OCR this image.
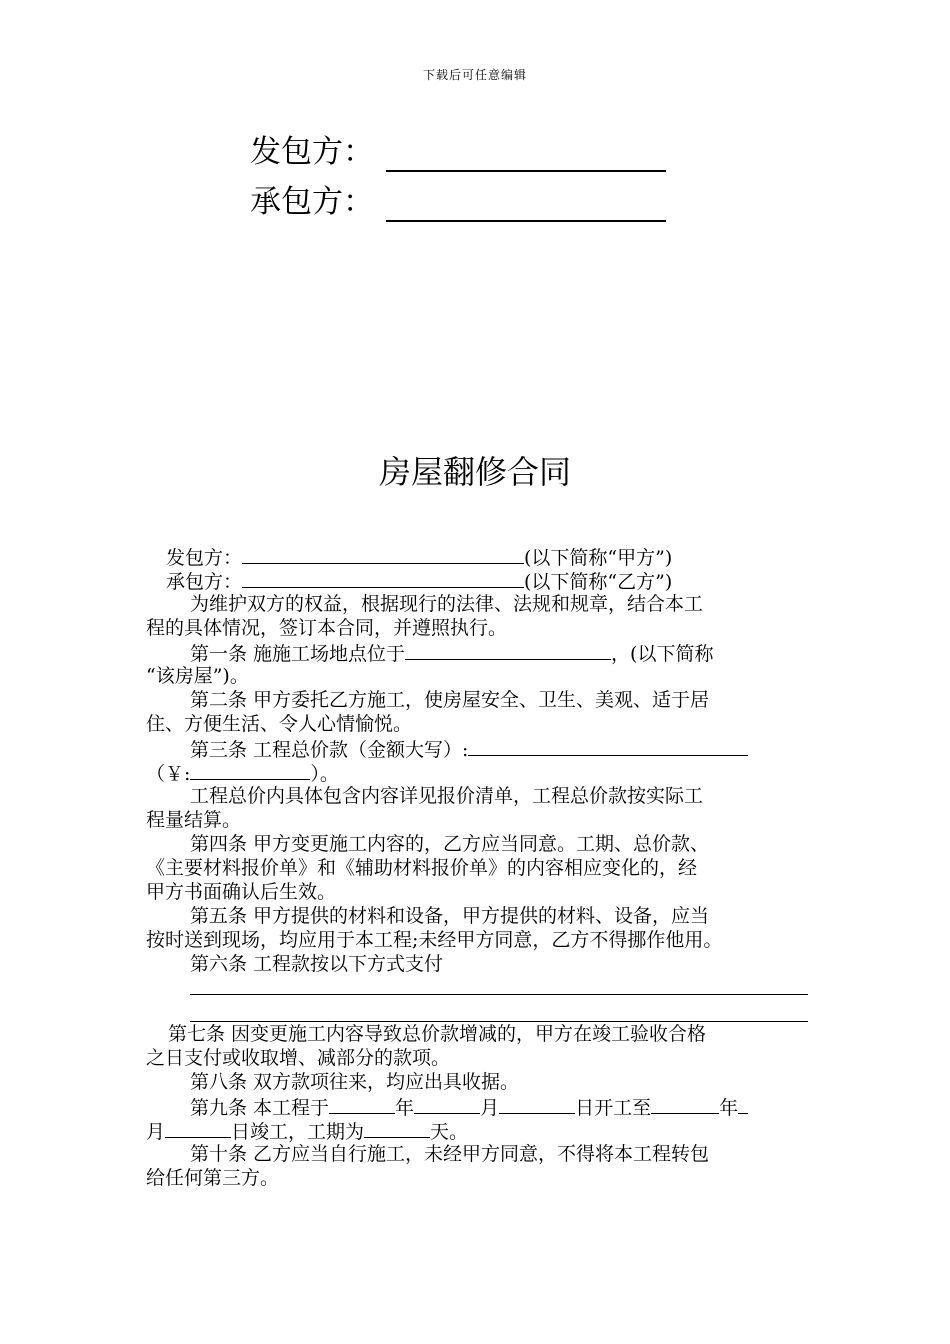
下载后可任意编辑
发包方：
承包方：
房屋翻修合同
发包方：	(以下简称“甲方”)
承包方：	(以下简称“乙方”)
为维护双方的权益，根据现行的法律、法规和规章，结合本工
程的具体情况，签订本合同，并遵照执行。
第一条 施施工场地点位于	，(以下简称
“该房屋”)。
第二条 甲方委托乙方施工，使房屋安全、卫生、美观、适于居
住、方便生活、令人心情愉悦。
第三条 工程总价款（金额大写）:
（￥:	）。
工程总价内具体包含内容详见报价清单，工程总价款按实际工
程量结算。
第四条 甲方变更施工内容的，乙方应当同意。工期、总价款、
《主要材料报价单》和《辅助材料报价单》的内容相应变化的，经
甲方书面确认后生效。
第五条 甲方提供的材料和设备，甲方提供的材料、设备，应当
按时送到现场，均应用于本工程;未经甲方同意，乙方不得挪作他用。
第六条 工程款按以下方式支付
第七条 因变更施工内容导致总价款增减的，甲方在竣工验收合格
之日支付或收取增、减部分的款项。
第八条 双方款项往来，均应出具收据。
第九条 本工程于	年	月	日开工至	年
月	日竣工，工期为	天。
第十条 乙方应当自行施工，未经甲方同意，不得将本工程转包
给任何第三方。
